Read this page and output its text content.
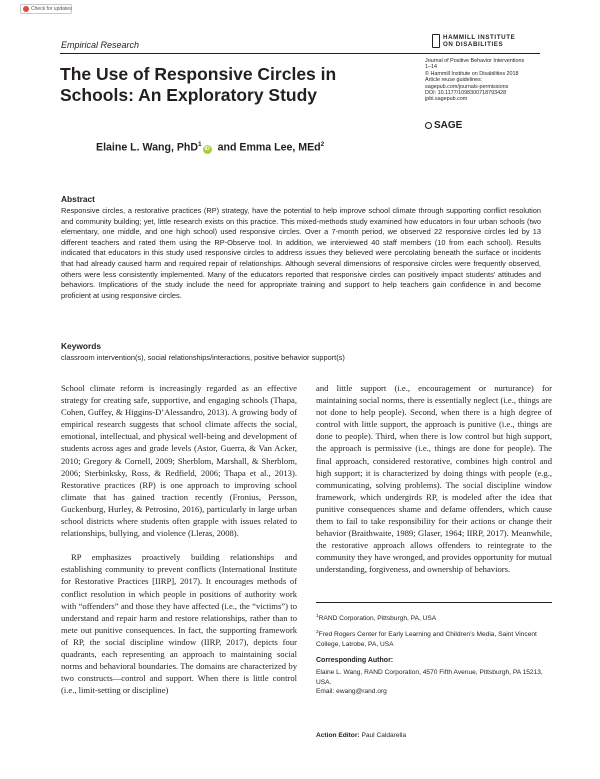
Check for updates
Empirical Research
HAMMILL INSTITUTE
ON DISABILITIES
The Use of Responsive Circles in Schools: An Exploratory Study
Journal of Positive Behavior Interventions
1–14
© Hammill Institute on Disabilities 2018
Article reuse guidelines:
sagepub.com/journals-permissions
DOI: 10.1177/1098300718793428
jpbi.sagepub.com
SAGE
Elaine L. Wang, PhD$^1$iD and Emma Lee, MEd$^2$
Abstract
Responsive circles, a restorative practices (RP) strategy, have the potential to help improve school climate through supporting conflict resolution and community building; yet, little research exists on this practice. This mixed-methods study examined how educators in four urban schools (two elementary, one middle, and one high school) used responsive circles. Over a 7-month period, we observed 22 responsive circles led by 13 different teachers and rated them using the RP-Observe tool. In addition, we interviewed 40 staff members (10 from each school). Results indicated that educators in this study used responsive circles to address issues they believed were percolating beneath the surface or incidents that had already caused harm and required repair of relationships. Although several dimensions of responsive circles were frequently observed, others were less consistently implemented. Many of the educators reported that responsive circles can positively impact students’ attitudes and behaviors. Implications of the study include the need for appropriate training and support to help teachers gain confidence in and become proficient at using responsive circles.
Keywords
classroom intervention(s), social relationships/interactions, positive behavior support(s)

School climate reform is increasingly regarded as an effective strategy for creating safe, supportive, and engaging schools (Thapa, Cohen, Guffey, & Higgins-D’Alessandro, 2013). A growing body of empirical research suggests that school climate affects the social, emotional, intellectual, and physical well-being and development of students across ages and grade levels (Astor, Guerra, & Van Acker, 2010; Gregory & Cornell, 2009; Sherblom, Marshall, & Sherblom, 2006; Sterbinksky, Ross, & Redfield, 2006; Thapa et al., 2013). Restorative practices (RP) is one approach to improving school climate that has gained traction recently (Fronius, Persson, Guckenburg, Hurley, & Petrosino, 2016), particularly in large urban school districts where students often grapple with issues related to relationships, bullying, and violence (Lleras, 2008).

RP emphasizes proactively building relationships and establishing community to prevent conflicts (International Institute for Restorative Practices [IIRP], 2017). It encourages methods of conflict resolution in which people in positions of authority work with “offenders” and those they have affected (i.e., the “victims”) to understand and repair harm and restore relationships, rather than to mete out punitive consequences. In fact, the supporting framework of RP, the social discipline window (IIRP, 2017), depicts four quadrants, each representing an approach to maintaining social norms and behavioral boundaries. The domains are characterized by two constructs—control and support. When there is little control (i.e., limit-setting or discipline)

and little support (i.e., encouragement or nurturance) for maintaining social norms, there is essentially neglect (i.e., things are not done to help people). Second, when there is a high degree of control with little support, the approach is punitive (i.e., things are done to people). Third, when there is low control but high support, the approach is permissive (i.e., things are done for people). The final approach, considered restorative, combines high control and high support; it is characterized by doing things with people (e.g., communicating, solving problems). The social discipline window framework, which undergirds RP, is modeled after the idea that punitive consequences shame and defame offenders, which cause them to fail to take responsibility for their actions or change their behavior (Braithwaite, 1989; Glaser, 1964; IIRP, 2017). Meanwhile, the restorative approach allows offenders to reintegrate to the community they have wronged, and provides opportunity for mutual understanding, forgiveness, and ownership of behaviors.

$^1$RAND Corporation, Pittsburgh, PA, USA
$^2$Fred Rogers Center for Early Learning and Children’s Media, Saint Vincent College, Latrobe, PA, USA
Corresponding Author:
Elaine L. Wang, RAND Corporation, 4570 Fifth Avenue, Pittsburgh, PA 15213, USA.
Email: ewang@rand.org
Action Editor: Paul Caldarella
